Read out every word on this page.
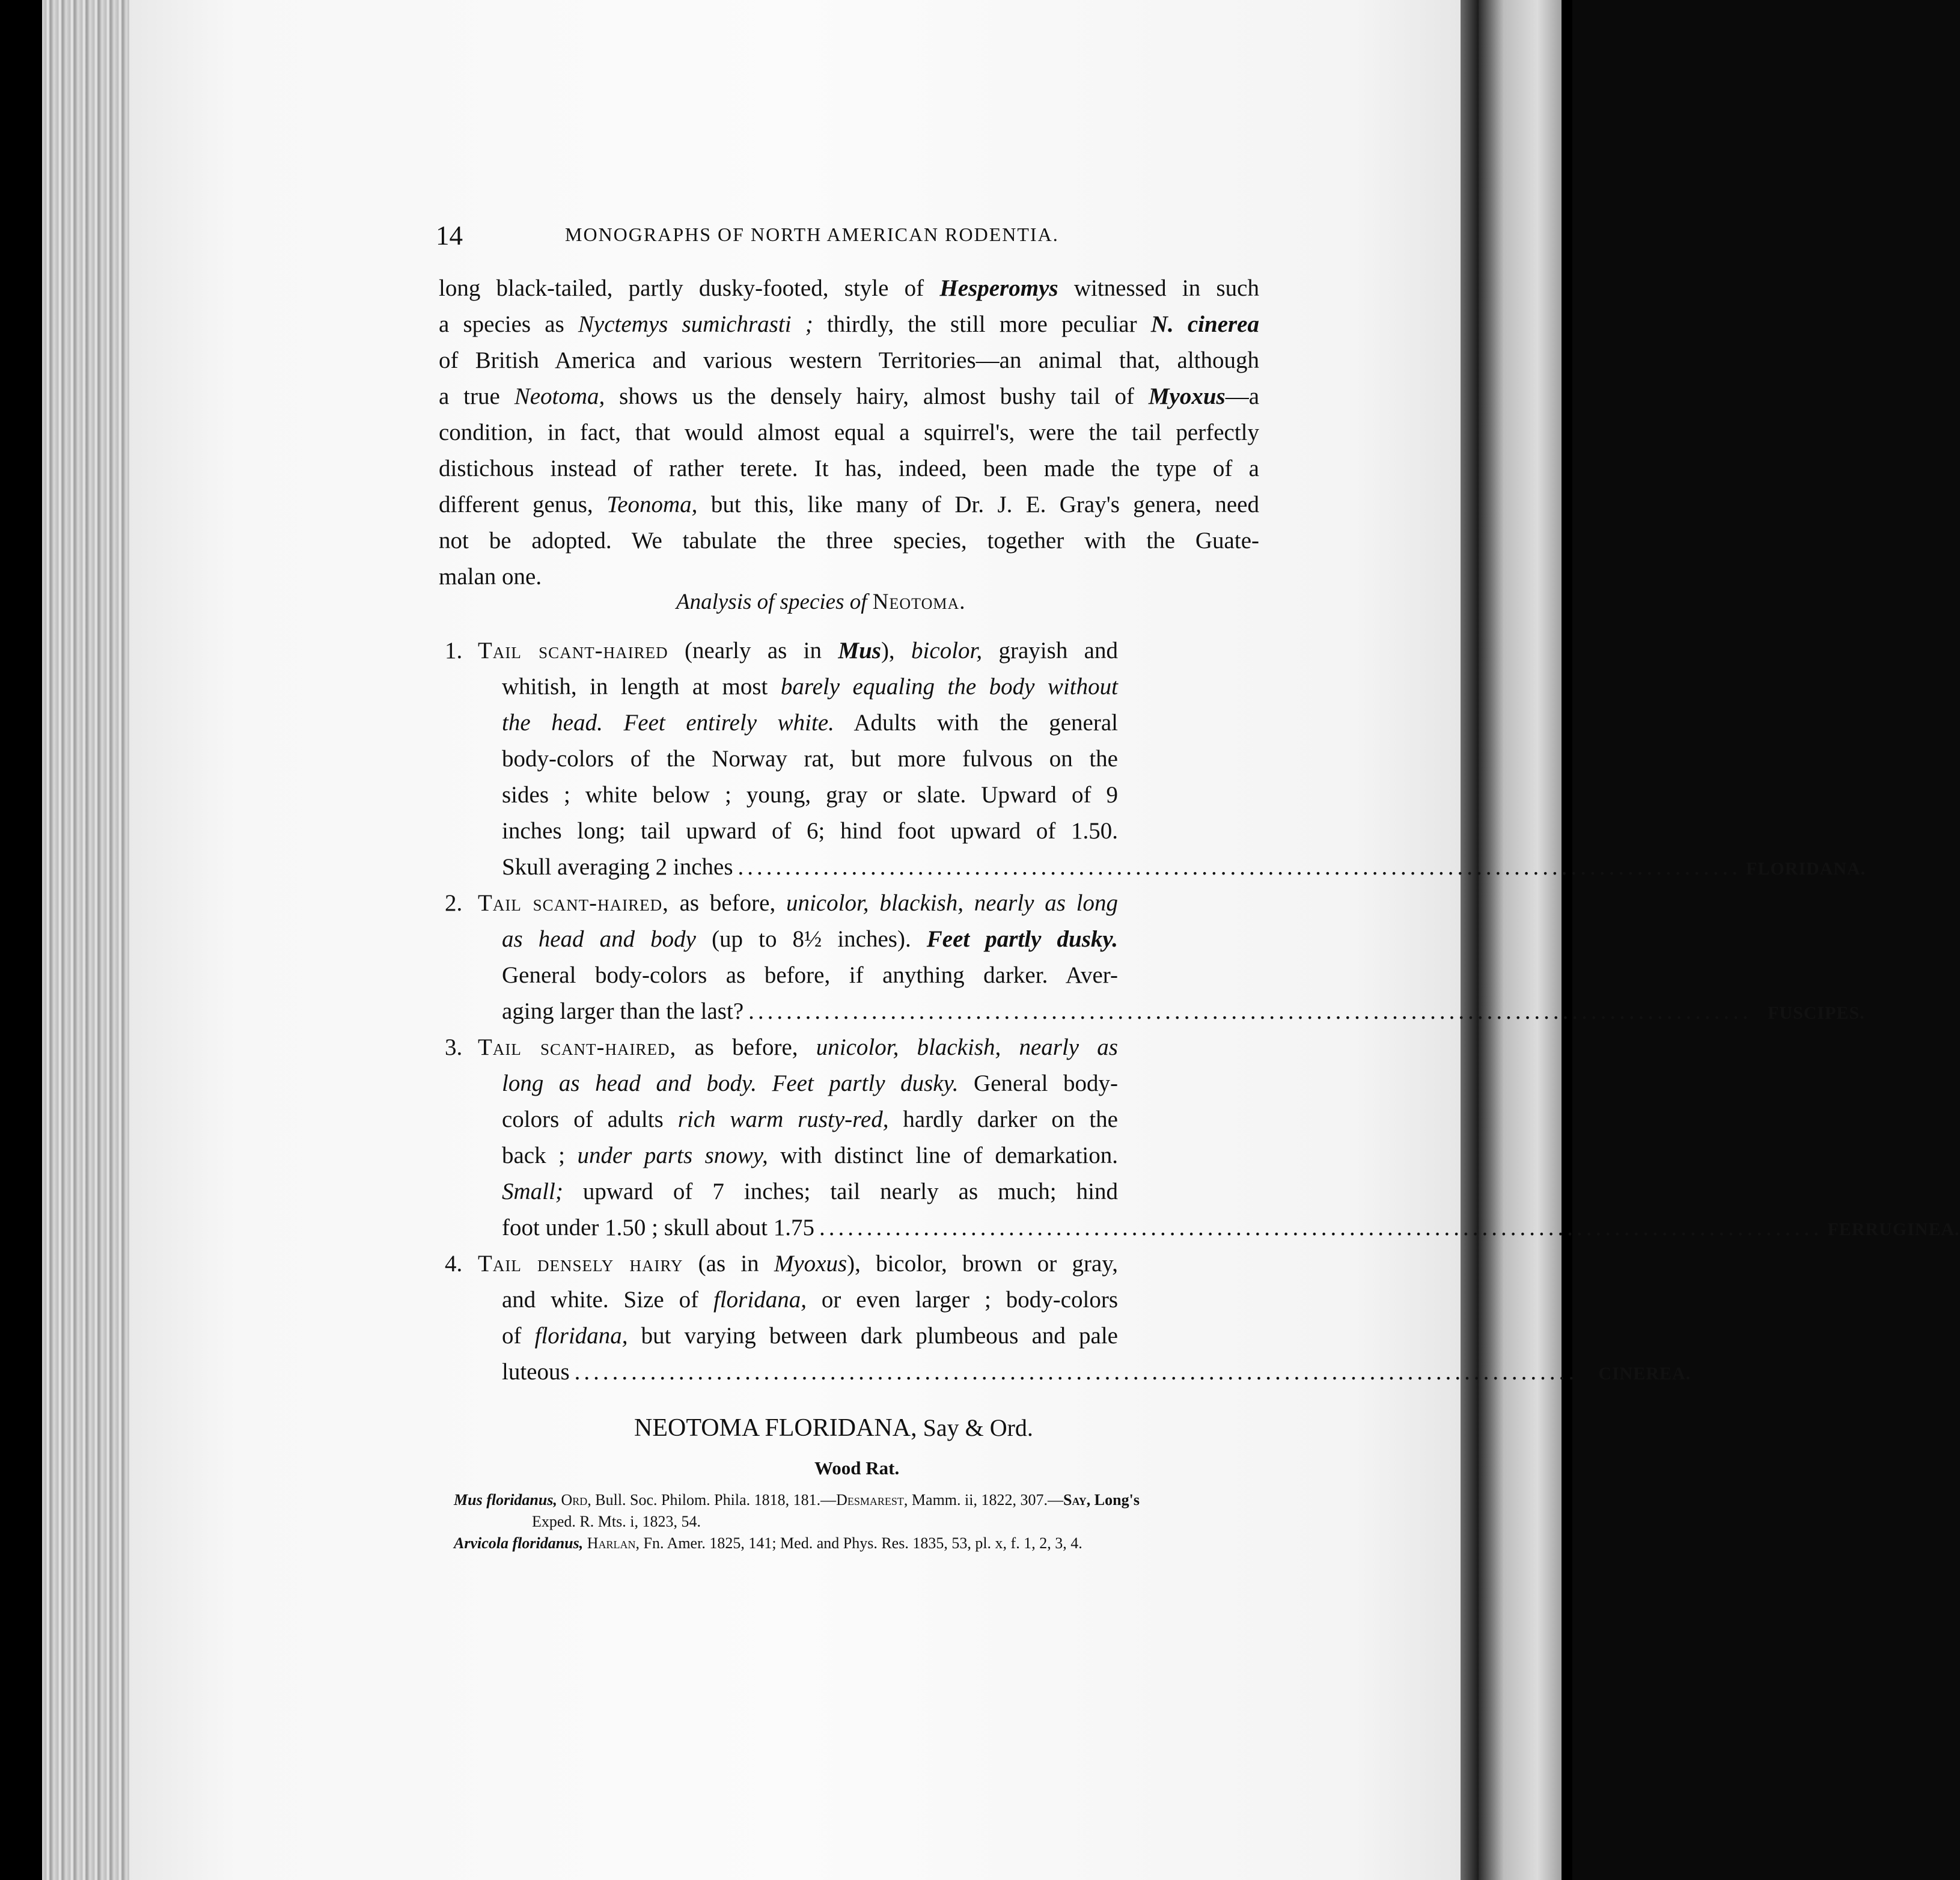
14	MONOGRAPHS OF NORTH AMERICAN RODENTIA.
long black-tailed, partly dusky-footed, style of Hesperomys witnessed in such
a species as Nyctemys sumichrasti ; thirdly, the still more peculiar N. cinerea
of British America and various western Territories—an animal that, although
a true Neotoma, shows us the densely hairy, almost bushy tail of Myoxus—a
condition, in fact, that would almost equal a squirrel's, were the tail perfectly
distichous instead of rather terete. It has, indeed, been made the type of a
different genus, Teonoma, but this, like many of Dr. J. E. Gray's genera, need
not be adopted. We tabulate the three species, together with the Guate-
malan one.
Analysis of species of Neotoma.
1. Tail scant-haired (nearly as in Mus), bicolor, grayish and
whitish, in length at most barely equaling the body without
the head. Feet entirely white. Adults with the general
body-colors of the Norway rat, but more fulvous on the
sides ; white below ; young, gray or slate. Upward of 9
inches long; tail upward of 6; hind foot upward of 1.50.
Skull averaging 2 inches .......................................................................................................... FLORIDANA.
2. Tail scant-haired, as before, unicolor, blackish, nearly as long
as head and body (up to 8½ inches). Feet partly dusky.
General body-colors as before, if anything darker. Aver-
aging larger than the last? .......................................................................................................... FUSCIPES.
3. Tail scant-haired, as before, unicolor, blackish, nearly as
long as head and body. Feet partly dusky. General body-
colors of adults rich warm rusty-red, hardly darker on the
back ; under parts snowy, with distinct line of demarkation.
Small; upward of 7 inches; tail nearly as much; hind
foot under 1.50 ; skull about 1.75 .......................................................................................................... FERRUGINEA.
4. Tail densely hairy (as in Myoxus), bicolor, brown or gray,
and white. Size of floridana, or even larger ; body-colors
of floridana, but varying between dark plumbeous and pale
luteous ..........................................................................................................	CINEREA.
NEOTOMA FLORIDANA, Say & Ord.
Wood Rat.
Mus floridanus, Ord, Bull. Soc. Philom. Phila. 1818, 181.—Desmarest, Mamm. ii, 1822, 307.—Say, Long's
Exped. R. Mts. i, 1823, 54.
Arvicola floridanus, Harlan, Fn. Amer. 1825, 141; Med. and Phys. Res. 1835, 53, pl. x, f. 1, 2, 3, 4.
